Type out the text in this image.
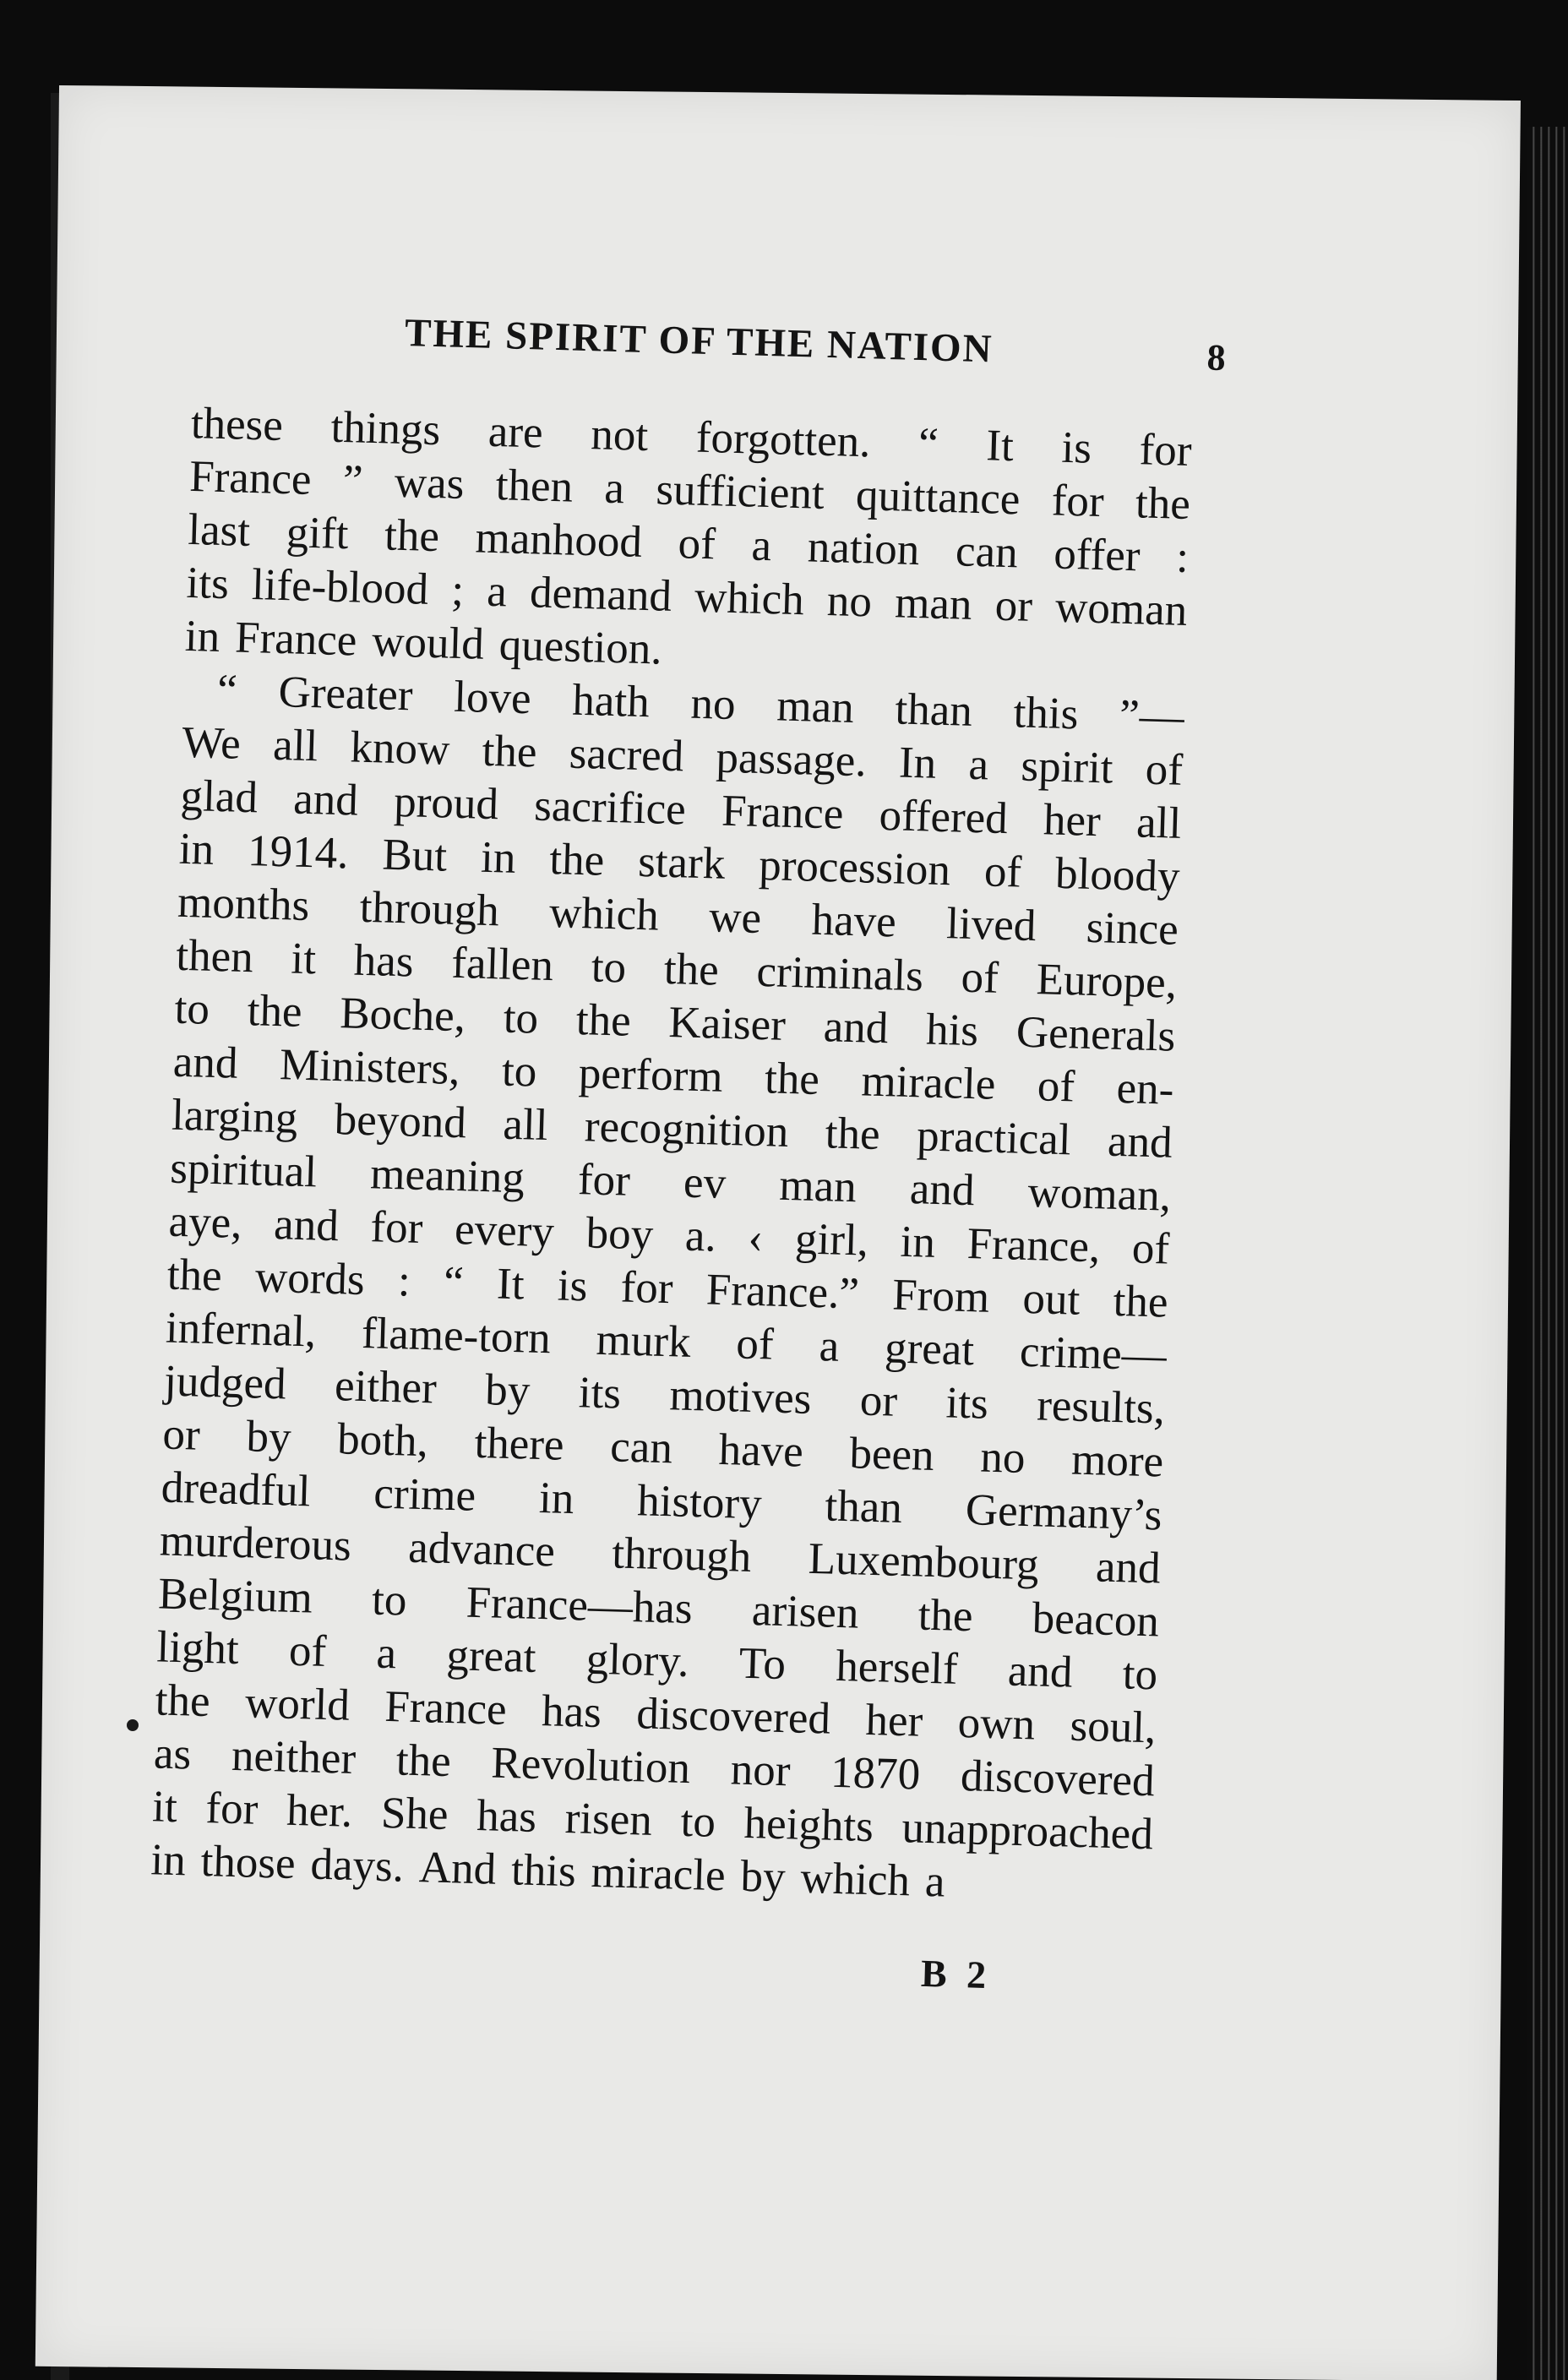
THE SPIRIT OF THE NATION	8
these things are not forgotten. “ It is for
France ” was then a sufficient quittance for the
last gift the manhood of a nation can offer :
its life-blood ; a demand which no man or woman
in France would question.
“ Greater love hath no man than this ”—
We all know the sacred passage. In a spirit of
glad and proud sacrifice France offered her all
in 1914. But in the stark procession of bloody
months through which we have lived since
then it has fallen to the criminals of Europe,
to the Boche, to the Kaiser and his Generals
and Ministers, to perform the miracle of en-
larging beyond all recognition the practical and
spiritual meaning for ev man and woman,
aye, and for every boy a. ‹ girl, in France, of
the words : “ It is for France.” From out the
infernal, flame-torn murk of a great crime—
judged either by its motives or its results,
or by both, there can have been no more
dreadful crime in history than Germany’s
murderous advance through Luxembourg and
Belgium to France—has arisen the beacon
light of a great glory. To herself and to
the world France has discovered her own soul,
as neither the Revolution nor 1870 discovered
it for her. She has risen to heights unapproached
in those days. And this miracle by which a
B 2
